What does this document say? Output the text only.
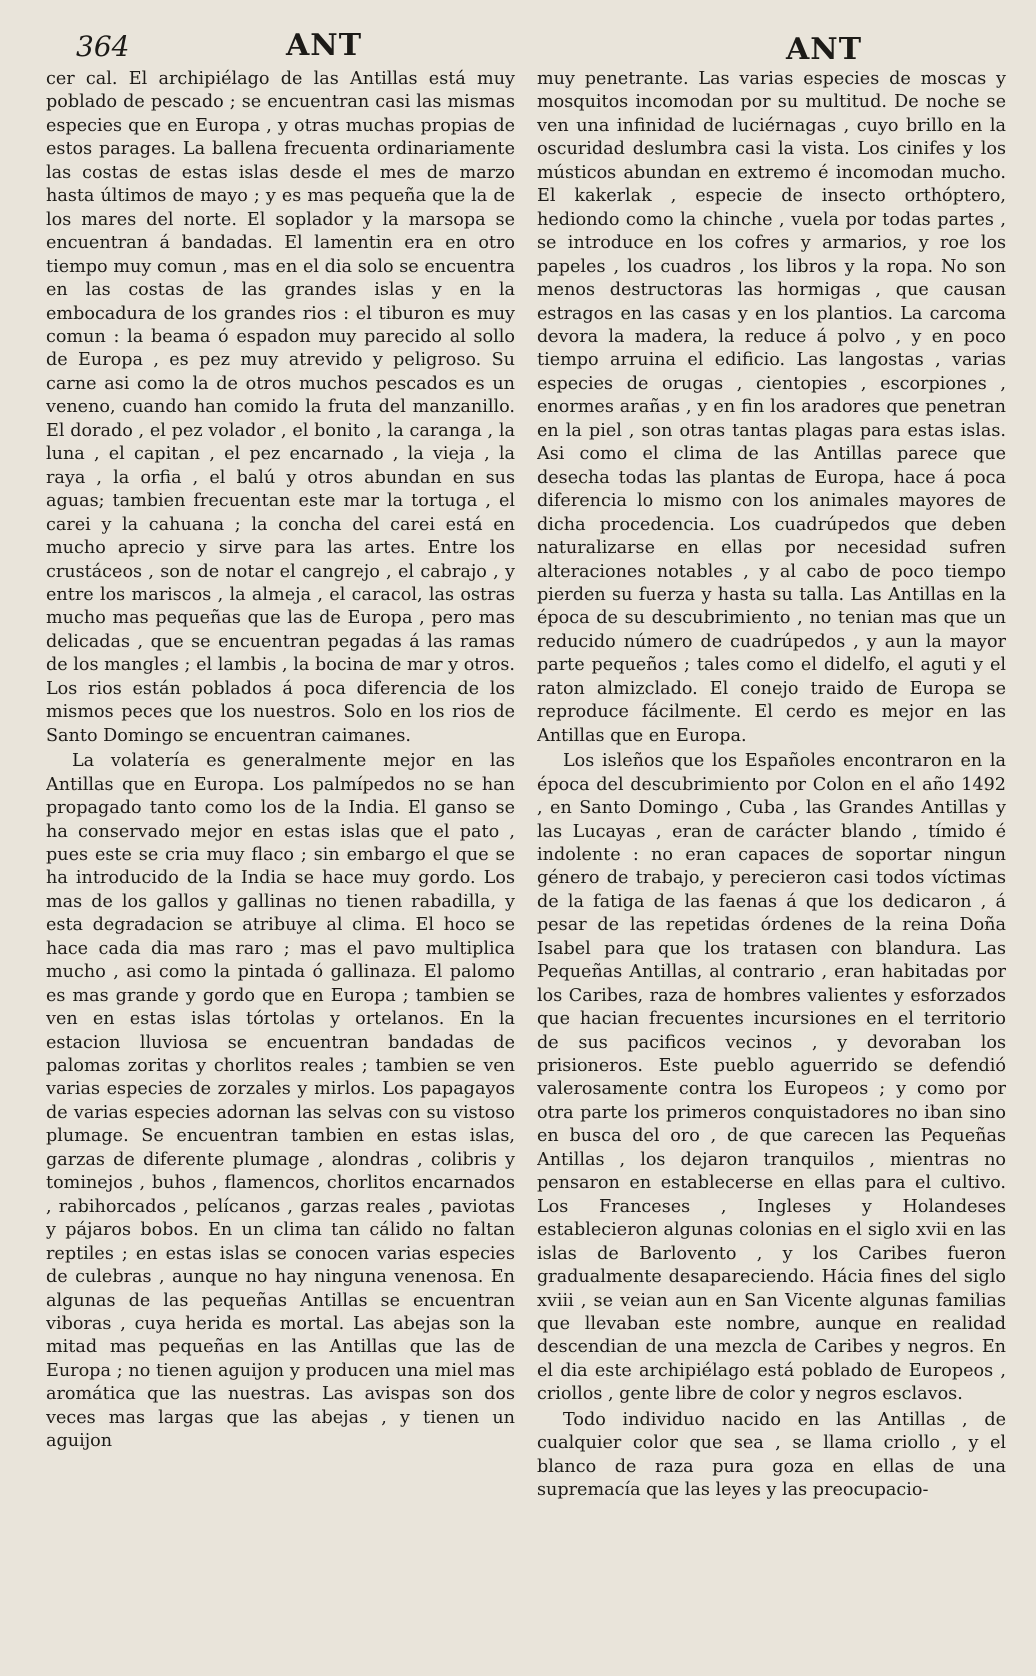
364	ANT	ANT

cer cal. El archipiélago de las Antillas está muy poblado de pescado ; se encuentran casi las mismas especies que en Europa , y otras muchas propias de estos parages. La ballena frecuenta ordinariamente las costas de estas islas desde el mes de marzo hasta últimos de mayo ; y es mas pequeña que la de los mares del norte. El soplador y la marsopa se encuentran á bandadas. El lamentin era en otro tiempo muy comun , mas en el dia solo se encuentra en las costas de las grandes islas y en la embocadura de los grandes rios : el tiburon es muy comun : la beama ó espadon muy parecido al sollo de Europa , es pez muy atrevido y peligroso. Su carne asi como la de otros muchos pescados es un veneno, cuando han comido la fruta del manzanillo. El dorado , el pez volador , el bonito , la caranga , la luna , el capitan , el pez encarnado , la vieja , la raya , la orfia , el balú y otros abundan en sus aguas; tambien frecuentan este mar la tortuga , el carei y la cahuana ; la concha del carei está en mucho aprecio y sirve para las artes. Entre los crustáceos , son de notar el cangrejo , el cabrajo , y entre los mariscos , la almeja , el caracol, las ostras mucho mas pequeñas que las de Europa , pero mas delicadas , que se encuentran pegadas á las ramas de los mangles ; el lambis , la bocina de mar y otros. Los rios están poblados á poca diferencia de los mismos peces que los nuestros. Solo en los rios de Santo Domingo se encuentran caimanes.

La volatería es generalmente mejor en las Antillas que en Europa. Los palmípedos no se han propagado tanto como los de la India. El ganso se ha conservado mejor en estas islas que el pato , pues este se cria muy flaco ; sin embargo el que se ha introducido de la India se hace muy gordo. Los mas de los gallos y gallinas no tienen rabadilla, y esta degradacion se atribuye al clima. El hoco se hace cada dia mas raro ; mas el pavo multiplica mucho , asi como la pintada ó gallinaza. El palomo es mas grande y gordo que en Europa ; tambien se ven en estas islas tórtolas y ortelanos. En la estacion lluviosa se encuentran bandadas de palomas zoritas y chorlitos reales ; tambien se ven varias especies de zorzales y mirlos. Los papagayos de varias especies adornan las selvas con su vistoso plumage. Se encuentran tambien en estas islas, garzas de diferente plumage , alondras , colibris y tominejos , buhos , flamencos, chorlitos encarnados , rabihorcados , pelícanos , garzas reales , paviotas y pájaros bobos. En un clima tan cálido no faltan reptiles ; en estas islas se conocen varias especies de culebras , aunque no hay ninguna venenosa. En algunas de las pequeñas Antillas se encuentran viboras , cuya herida es mortal. Las abejas son la mitad mas pequeñas en las Antillas que las de Europa ; no tienen aguijon y producen una miel mas aromática que las nuestras. Las avispas son dos veces mas largas que las abejas , y tienen un aguijon

muy penetrante. Las varias especies de moscas y mosquitos incomodan por su multitud. De noche se ven una infinidad de luciérnagas , cuyo brillo en la oscuridad deslumbra casi la vista. Los cinifes y los músticos abundan en extremo é incomodan mucho. El kakerlak , especie de insecto orthóptero, hediondo como la chinche , vuela por todas partes , se introduce en los cofres y armarios, y roe los papeles , los cuadros , los libros y la ropa. No son menos destructoras las hormigas , que causan estragos en las casas y en los plantios. La carcoma devora la madera, la reduce á polvo , y en poco tiempo arruina el edificio. Las langostas , varias especies de orugas , cientopies , escorpiones , enormes arañas , y en fin los aradores que penetran en la piel , son otras tantas plagas para estas islas. Asi como el clima de las Antillas parece que desecha todas las plantas de Europa, hace á poca diferencia lo mismo con los animales mayores de dicha procedencia. Los cuadrúpedos que deben naturalizarse en ellas por necesidad sufren alteraciones notables , y al cabo de poco tiempo pierden su fuerza y hasta su talla. Las Antillas en la época de su descubrimiento , no tenian mas que un reducido número de cuadrúpedos , y aun la mayor parte pequeños ; tales como el didelfo, el aguti y el raton almizclado. El conejo traido de Europa se reproduce fácilmente. El cerdo es mejor en las Antillas que en Europa.

Los isleños que los Españoles encontraron en la época del descubrimiento por Colon en el año 1492 , en Santo Domingo , Cuba , las Grandes Antillas y las Lucayas , eran de carácter blando , tímido é indolente : no eran capaces de soportar ningun género de trabajo, y perecieron casi todos víctimas de la fatiga de las faenas á que los dedicaron , á pesar de las repetidas órdenes de la reina Doña Isabel para que los tratasen con blandura. Las Pequeñas Antillas, al contrario , eran habitadas por los Caribes, raza de hombres valientes y esforzados que hacian frecuentes incursiones en el territorio de sus pacificos vecinos , y devoraban los prisioneros. Este pueblo aguerrido se defendió valerosamente contra los Europeos ; y como por otra parte los primeros conquistadores no iban sino en busca del oro , de que carecen las Pequeñas Antillas , los dejaron tranquilos , mientras no pensaron en establecerse en ellas para el cultivo. Los Franceses , Ingleses y Holandeses establecieron algunas colonias en el siglo xvii en las islas de Barlovento , y los Caribes fueron gradualmente desapareciendo. Hácia fines del siglo xviii , se veian aun en San Vicente algunas familias que llevaban este nombre, aunque en realidad descendian de una mezcla de Caribes y negros. En el dia este archipiélago está poblado de Europeos , criollos , gente libre de color y negros esclavos.

Todo individuo nacido en las Antillas , de cualquier color que sea , se llama criollo , y el blanco de raza pura goza en ellas de una supremacía que las leyes y las preocupacio-
